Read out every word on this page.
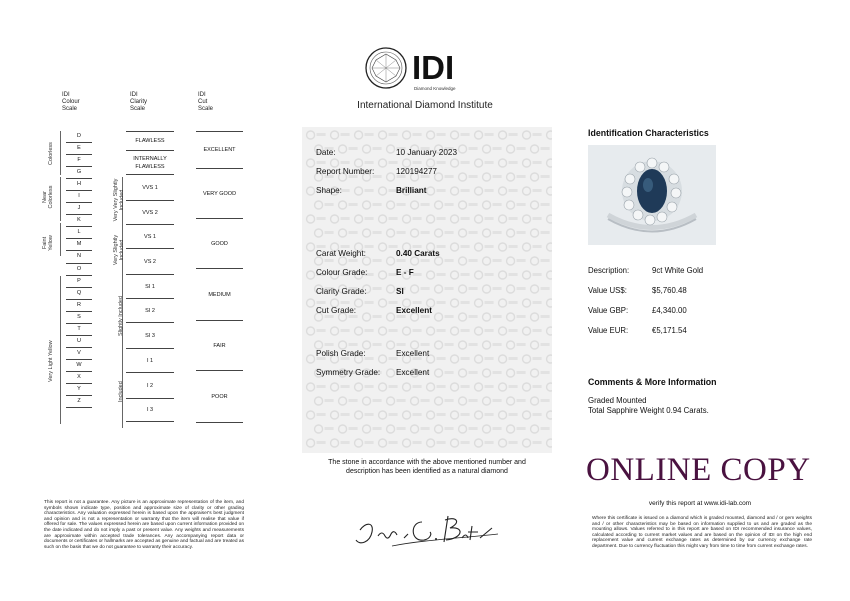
IDI
Diamond Knowledge
International Diamond Institute
IDI
Colour
Scale
IDI
Clarity
Scale
IDI
Cut
Scale
D
E
F
G
H
I
J
K
L
M
N
O
P
Q
R
S
T
U
V
W
X
Y
Z
Colorless
Near Colorless
Faint Yellow
Very Light Yellow
FLAWLESS
INTERNALLY FLAWLESS
VVS 1
VVS 2
VS 1
VS 2
SI 1
SI 2
SI 3
I 1
I 2
I 3
Very Very Slightly Included
Very Slightly Included
Slightly Included
Included
EXCELLENT
VERY GOOD
GOOD
MEDIUM
FAIR
POOR
This report is not a guarantee. Any picture is an approximate representation of the item, and symbols shown indicate type, position and approximate size of clarity or other grading characteristics. Any valuation expressed herein is based upon the appraiser's best judgment and opinion and is not a representation or warranty that the item will realise that value if offered for sale. The values expressed herein are based upon current information provided on the date indicated and do not imply a past or present value. Any weights and measurements are approximate within accepted trade tolerances. Any accompanying report data or documents or certificates or hallmarks are accepted as genuine and factual and are treated as such on the basis that we do not guarantee to warranty their accuracy.
Date:	10 January 2023
Report Number:	120194277
Shape:	Brilliant
Carat Weight:	0.40 Carats
Colour Grade:	E - F
Clarity Grade:	SI
Cut Grade:	Excellent
Polish Grade:	Excellent
Symmetry Grade: Excellent
The stone in accordance with the above mentioned number and
description has been identified as a natural diamond
Identification Characteristics
Description:	9ct White Gold
Value US$:	$5,760.48
Value GBP:	£4,340.00
Value EUR:	€5,171.54
Comments & More Information
Graded Mounted
Total Sapphire Weight 0.94 Carats.
ONLINE COPY
verify this report at www.idi-lab.com
Where this certificate is issued on a diamond which is graded mounted, diamond and / or gem weights and / or other characteristics may be based on information supplied to us and are graded as the mounting allows. Values referred to in this report are based on IDI recommended insurance values, calculated according to current market values and are based on the opinion of IDI on the high end replacement value and current exchange rates as determined by our currency exchange rate department. Due to currency fluctuation this might vary from time to time from current exchange rates.
